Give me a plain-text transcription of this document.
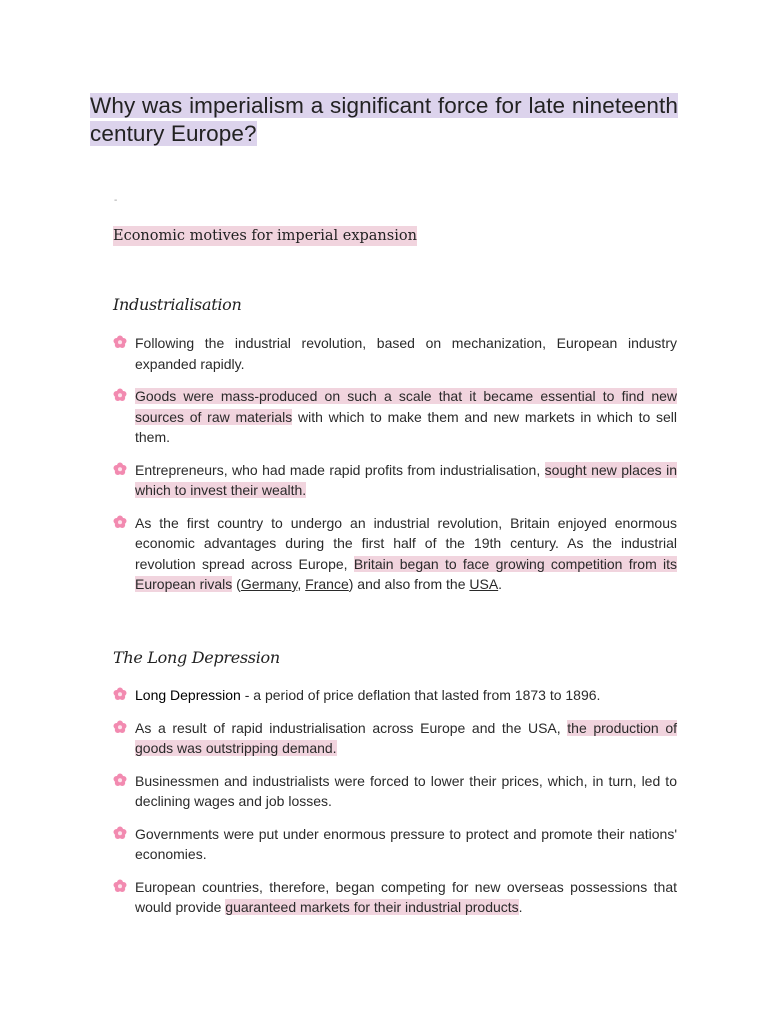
Why was imperialism a significant force for late nineteenth century Europe?
-
Economic motives for imperial expansion
Industrialisation
Following the industrial revolution, based on mechanization, European industry expanded rapidly.
Goods were mass-produced on such a scale that it became essential to find new sources of raw materials with which to make them and new markets in which to sell them.
Entrepreneurs, who had made rapid profits from industrialisation, sought new places in which to invest their wealth.
As the first country to undergo an industrial revolution, Britain enjoyed enormous economic advantages during the first half of the 19th century. As the industrial revolution spread across Europe, Britain began to face growing competition from its European rivals (Germany, France) and also from the USA.
The Long Depression
Long Depression - a period of price deflation that lasted from 1873 to 1896.
As a result of rapid industrialisation across Europe and the USA, the production of goods was outstripping demand.
Businessmen and industrialists were forced to lower their prices, which, in turn, led to declining wages and job losses.
Governments were put under enormous pressure to protect and promote their nations' economies.
European countries, therefore, began competing for new overseas possessions that would provide guaranteed markets for their industrial products.
